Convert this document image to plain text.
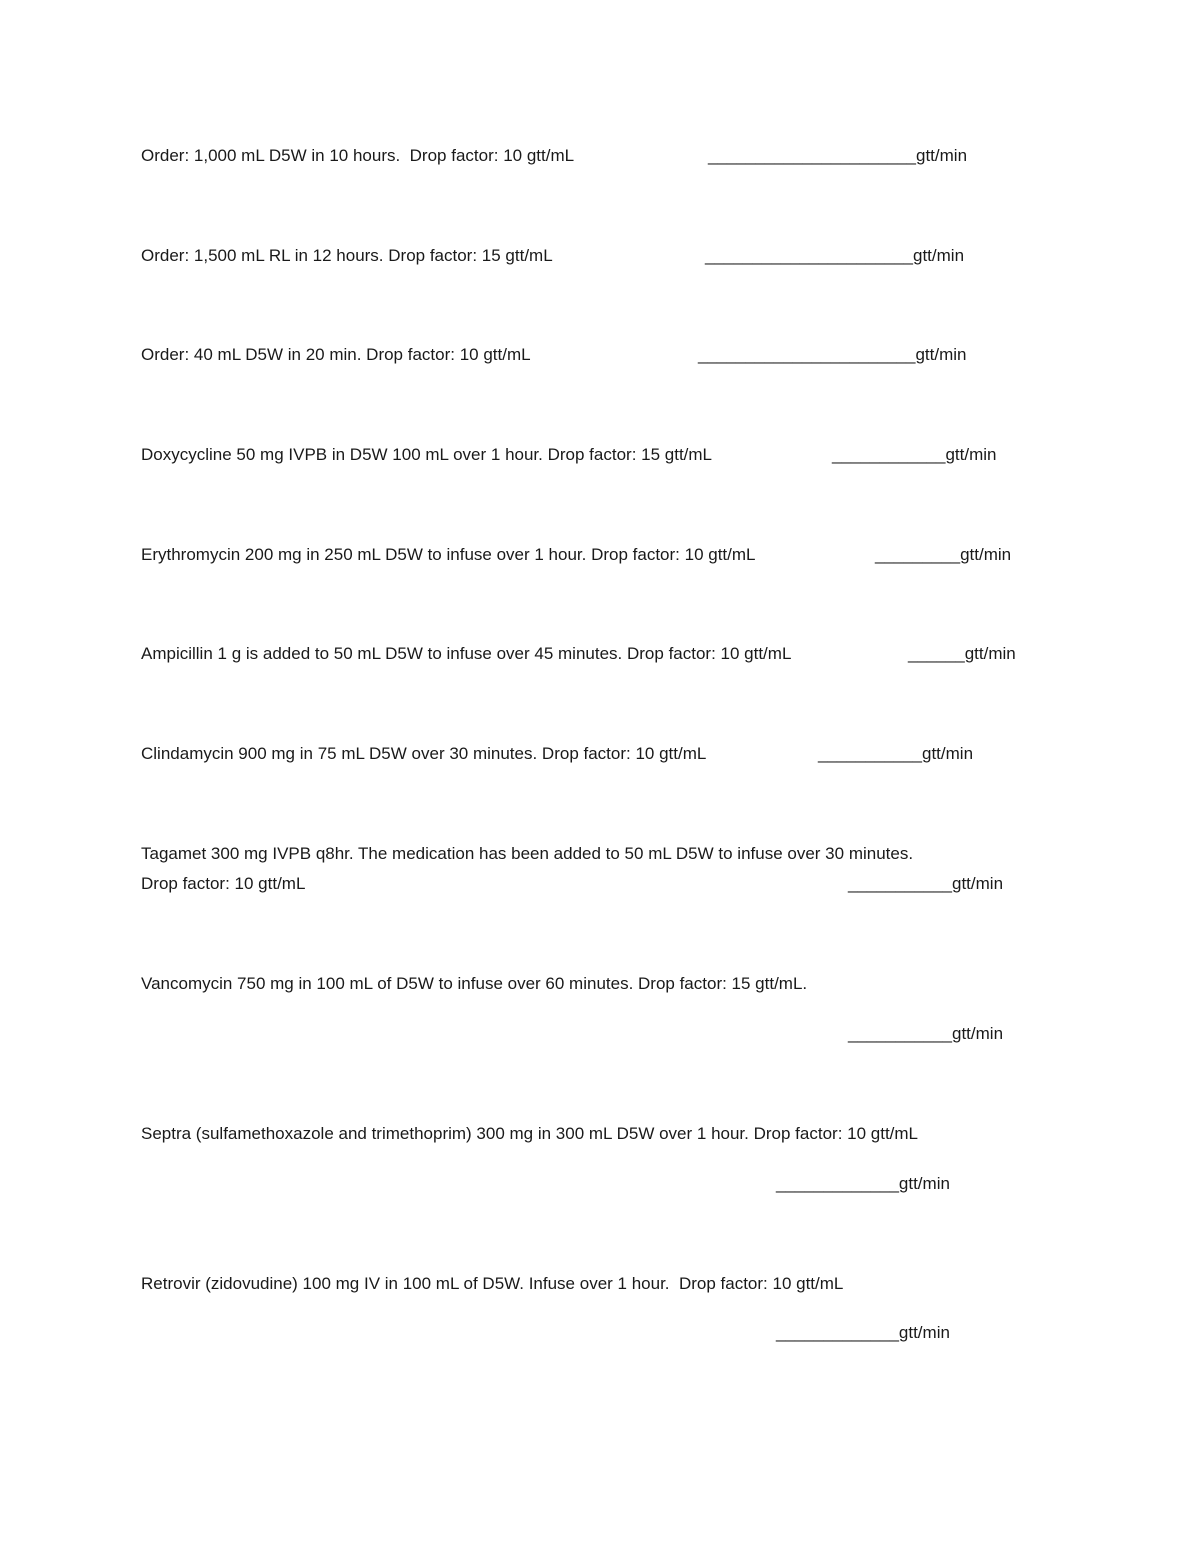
Order: 1,000 mL D5W in 10 hours.  Drop factor: 10 gtt/mL	______________________gtt/min
Order: 1,500 mL RL in 12 hours. Drop factor: 15 gtt/mL	______________________gtt/min
Order: 40 mL D5W in 20 min. Drop factor: 10 gtt/mL	_______________________gtt/min
Doxycycline 50 mg IVPB in D5W 100 mL over 1 hour. Drop factor: 15 gtt/mL	____________gtt/min
Erythromycin 200 mg in 250 mL D5W to infuse over 1 hour. Drop factor: 10 gtt/mL	_________gtt/min
Ampicillin 1 g is added to 50 mL D5W to infuse over 45 minutes. Drop factor: 10 gtt/mL	______gtt/min
Clindamycin 900 mg in 75 mL D5W over 30 minutes. Drop factor: 10 gtt/mL	___________gtt/min
Tagamet 300 mg IVPB q8hr. The medication has been added to 50 mL D5W to infuse over 30 minutes.
Drop factor: 10 gtt/mL	___________gtt/min
Vancomycin 750 mg in 100 mL of D5W to infuse over 60 minutes. Drop factor: 15 gtt/mL.
___________gtt/min
Septra (sulfamethoxazole and trimethoprim) 300 mg in 300 mL D5W over 1 hour. Drop factor: 10 gtt/mL
_____________gtt/min
Retrovir (zidovudine) 100 mg IV in 100 mL of D5W. Infuse over 1 hour.  Drop factor: 10 gtt/mL
_____________gtt/min
